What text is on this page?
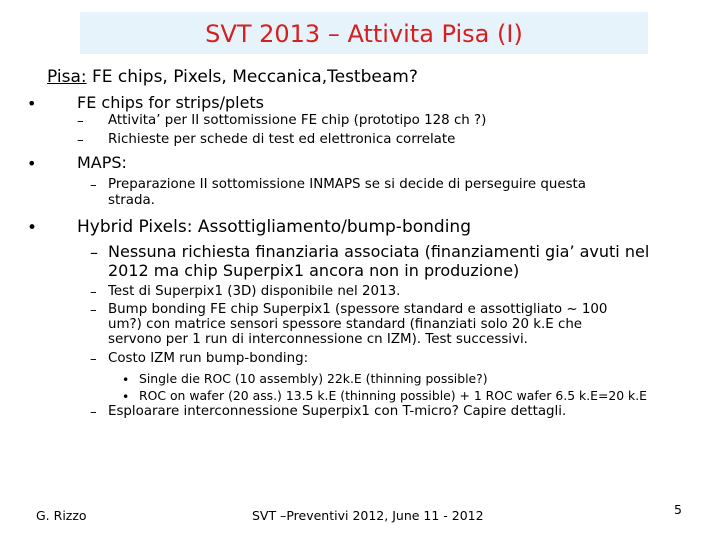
SVT 2013 – Attivita Pisa (I)
Pisa: FE chips, Pixels, Meccanica,Testbeam?
•	FE chips for strips/plets
– Attivita’ per II sottomissione FE chip (prototipo 128 ch ?)
– Richieste per schede di test ed elettronica correlate
•	MAPS:
– Preparazione II sottomissione INMAPS se si decide di perseguire questa
strada.
• Hybrid Pixels: Assottigliamento/bump-bonding
– Nessuna richiesta finanziaria associata (finanziamenti gia’ avuti nel
2012 ma chip Superpix1 ancora non in produzione)
– Test di Superpix1 (3D) disponibile nel 2013.
– Bump bonding FE chip Superpix1 (spessore standard e assottigliato ~ 100
um?) con matrice sensori spessore standard (finanziati solo 20 k.E che
servono per 1 run di interconnessione cn IZM). Test successivi.
– Costo IZM run bump-bonding:
• Single die ROC (10 assembly) 22k.E (thinning possible?)
• ROC on wafer (20 ass.) 13.5 k.E (thinning possible) + 1 ROC wafer 6.5 k.E=20 k.E
– Esploarare interconnessione Superpix1 con T-micro? Capire dettagli.
G. Rizzo	SVT –Preventivi 2012, June 11 - 2012	5
